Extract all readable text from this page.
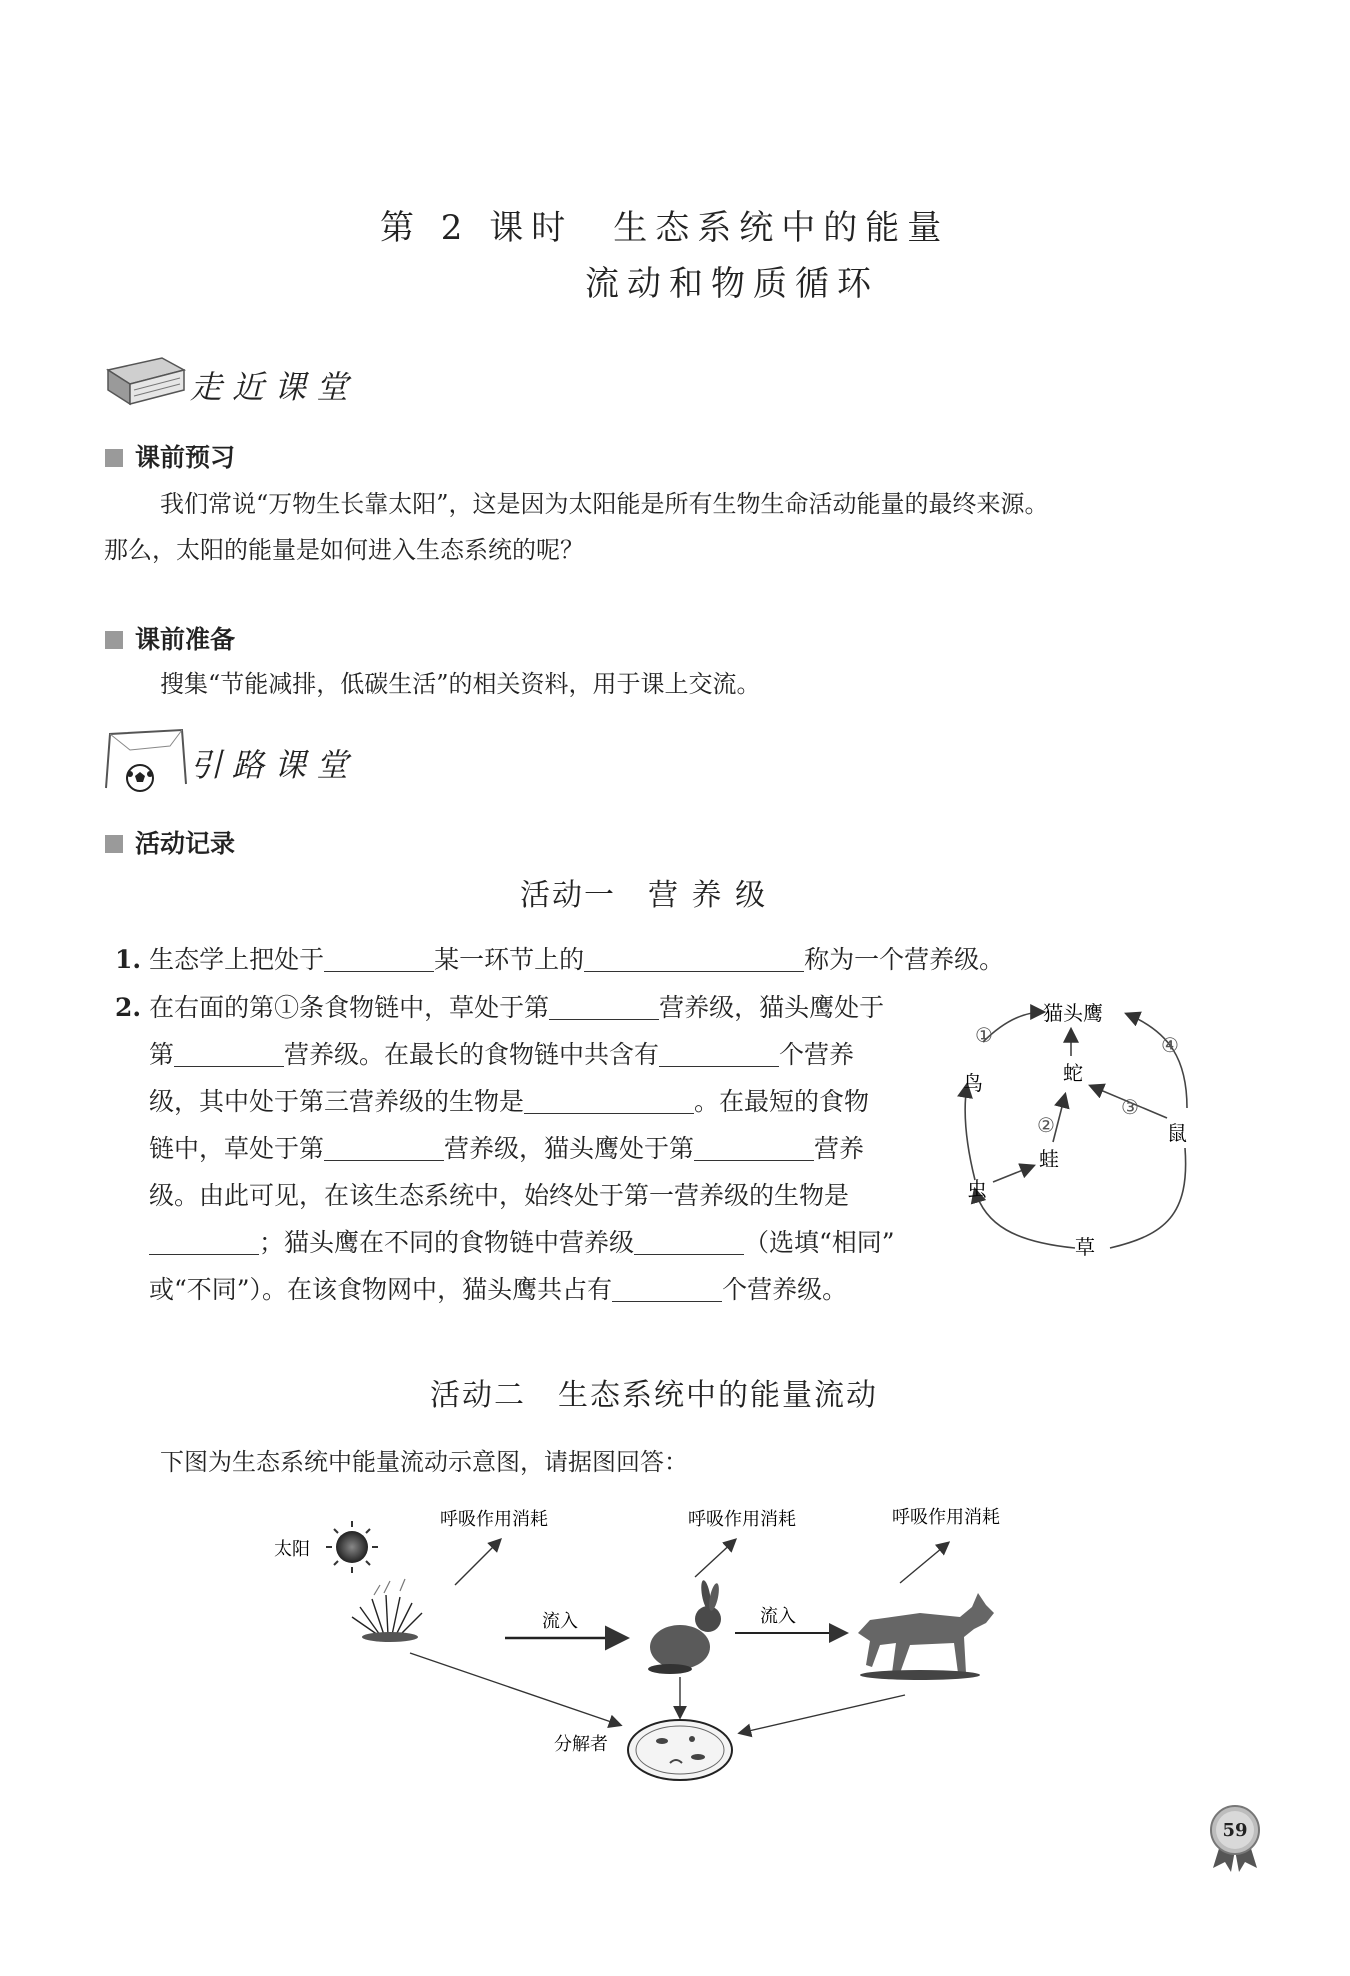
第 2 课时 生态系统中的能量
流动和物质循环
走近课堂
课前预习
我们常说“万物生长靠太阳”，这是因为太阳能是所有生物生命活动能量的最终来源。
那么，太阳的能量是如何进入生态系统的呢？
课前准备
搜集“节能减排，低碳生活”的相关资料，用于课上交流。
引路课堂
活动记录
活动一　营 养 级
1. 生态学上把处于	某一环节上的	称为一个营养级。
2. 在右面的第①条食物链中，草处于第	营养级，猫头鹰处于
第	营养级。在最长的食物链中共含有	个营养
级，其中处于第三营养级的生物是	。在最短的食物
链中，草处于第	营养级，猫头鹰处于第	营养
级。由此可见，在该生态系统中，始终处于第一营养级的生物是
；猫头鹰在不同的食物链中营养级	（选填“相同”
或“不同”）。在该食物网中，猫头鹰共占有	个营养级。
猫头鹰
蛇
鸟
鼠
蛙
虫
草
①
②
③
④
活动二　生态系统中的能量流动
下图为生态系统中能量流动示意图，请据图回答：
太阳
呼吸作用消耗	呼吸作用消耗	呼吸作用消耗
流入	流入
分解者
59
